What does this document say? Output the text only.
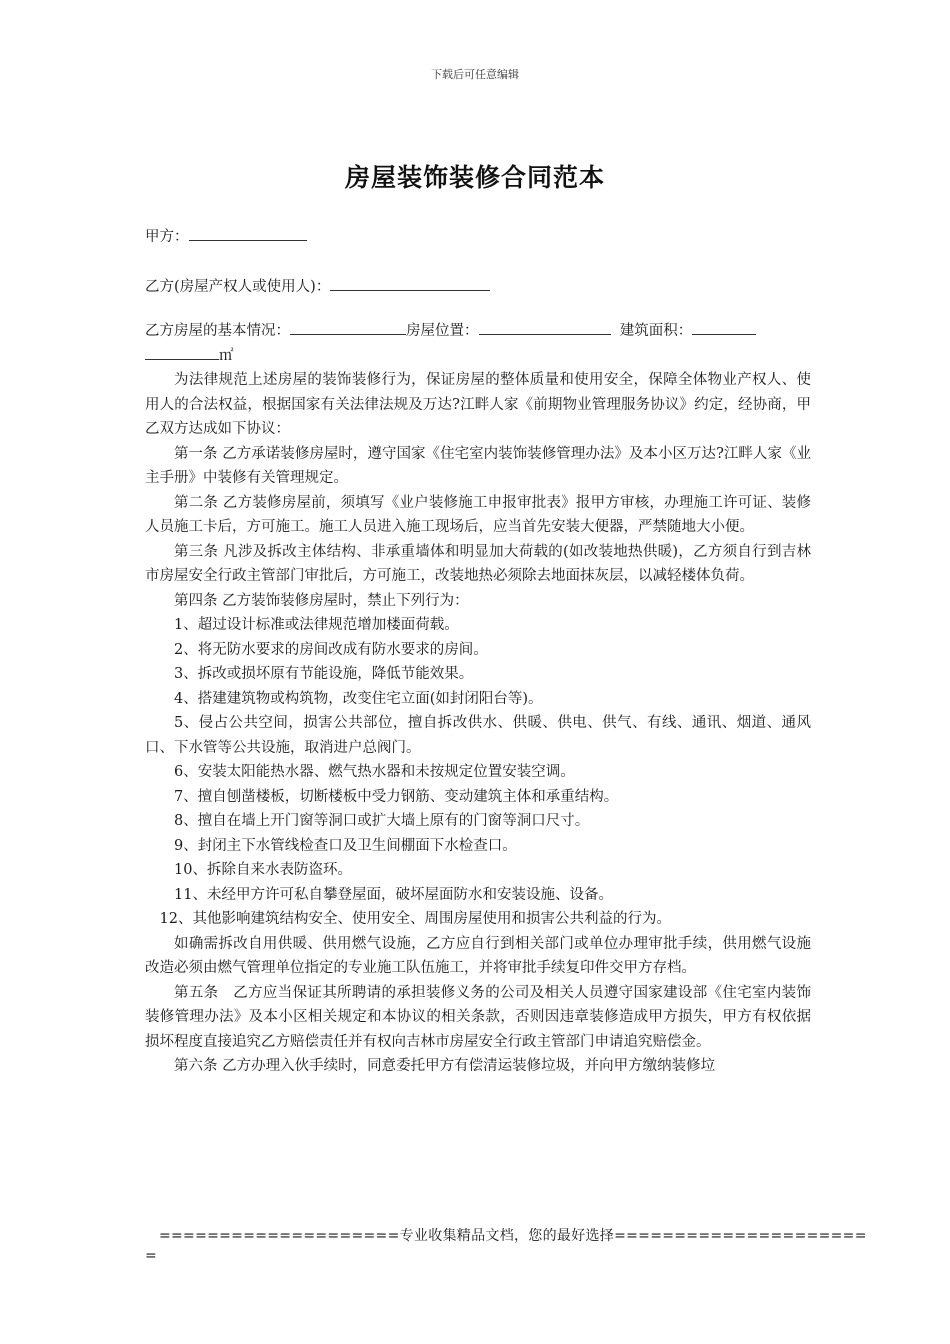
下载后可任意编辑
房屋装饰装修合同范本
甲方：
乙方(房屋产权人或使用人)：
乙方房屋的基本情况：	房屋位置：	建筑面积：
㎡

为法律规范上述房屋的装饰装修行为，保证房屋的整体质量和使用安全，保障全体物业产权人、使用人的合法权益，根据国家有关法律法规及万达?江畔人家《前期物业管理服务协议》约定，经协商，甲乙双方达成如下协议：

第一条 乙方承诺装修房屋时，遵守国家《住宅室内装饰装修管理办法》及本小区万达?江畔人家《业主手册》中装修有关管理规定。

第二条 乙方装修房屋前，须填写《业户装修施工申报审批表》报甲方审核，办理施工许可证、装修人员施工卡后，方可施工。施工人员进入施工现场后，应当首先安装大便器，严禁随地大小便。

第三条 凡涉及拆改主体结构、非承重墙体和明显加大荷载的(如改装地热供暖)，乙方须自行到吉林市房屋安全行政主管部门审批后，方可施工，改装地热必须除去地面抹灰层，以减轻楼体负荷。

第四条 乙方装饰装修房屋时，禁止下列行为：

1、超过设计标准或法律规范增加楼面荷载。

2、将无防水要求的房间改成有防水要求的房间。

3、拆改或损坏原有节能设施，降低节能效果。

4、搭建建筑物或构筑物，改变住宅立面(如封闭阳台等)。

5、侵占公共空间，损害公共部位，擅自拆改供水、供暖、供电、供气、有线、通讯、烟道、通风口、下水管等公共设施，取消进户总阀门。

6、安装太阳能热水器、燃气热水器和未按规定位置安装空调。

7、擅自刨凿楼板，切断楼板中受力钢筋、变动建筑主体和承重结构。

8、擅自在墙上开门窗等洞口或扩大墙上原有的门窗等洞口尺寸。

9、封闭主下水管线检查口及卫生间棚面下水检查口。

10、拆除自来水表防盗环。

11、未经甲方许可私自攀登屋面，破坏屋面防水和安装设施、设备。

12、其他影响建筑结构安全、使用安全、周围房屋使用和损害公共利益的行为。

如确需拆改自用供暖、供用燃气设施，乙方应自行到相关部门或单位办理审批手续，供用燃气设施改造必须由燃气管理单位指定的专业施工队伍施工，并将审批手续复印件交甲方存档。

第五条　乙方应当保证其所聘请的承担装修义务的公司及相关人员遵守国家建设部《住宅室内装饰装修管理办法》及本小区相关规定和本协议的相关条款，否则因违章装修造成甲方损失，甲方有权依据损坏程度直接追究乙方赔偿责任并有权向吉林市房屋安全行政主管部门申请追究赔偿金。

第六条 乙方办理入伙手续时，同意委托甲方有偿清运装修垃圾，并向甲方缴纳装修垃

====================专业收集精品文档，您的最好选择=====================
=
